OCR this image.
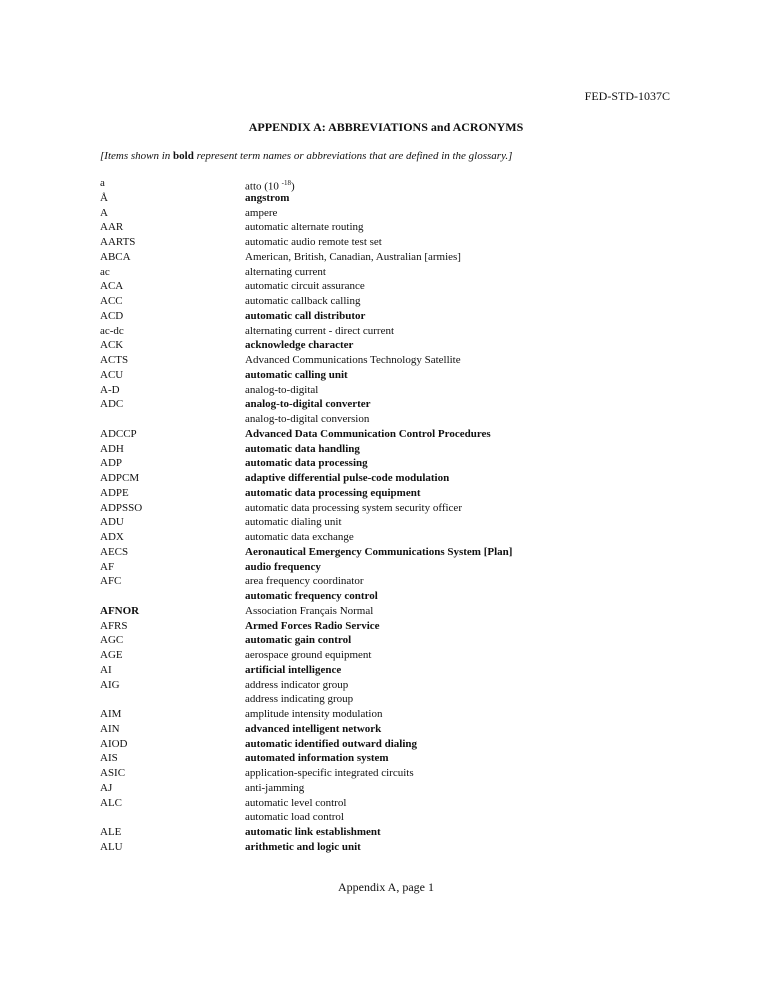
FED-STD-1037C
APPENDIX A: ABBREVIATIONS and ACRONYMS
[Items shown in bold represent term names or abbreviations that are defined in the glossary.]
a	atto (10 $^{-18}$)
Å	angstrom
A	ampere
AAR	automatic alternate routing
AARTS	automatic audio remote test set
ABCA	American, British, Canadian, Australian [armies]
ac	alternating current
ACA	automatic circuit assurance
ACC	automatic callback calling
ACD	automatic call distributor
ac-dc	alternating current - direct current
ACK	acknowledge character
ACTS	Advanced Communications Technology Satellite
ACU	automatic calling unit
A-D	analog-to-digital
ADC	analog-to-digital converter
analog-to-digital conversion
ADCCP	Advanced Data Communication Control Procedures
ADH	automatic data handling
ADP	automatic data processing
ADPCM	adaptive differential pulse-code modulation
ADPE	automatic data processing equipment
ADPSSO	automatic data processing system security officer
ADU	automatic dialing unit
ADX	automatic data exchange
AECS	Aeronautical Emergency Communications System [Plan]
AF	audio frequency
AFC	area frequency coordinator
automatic frequency control
AFNOR	Association Français Normal
AFRS	Armed Forces Radio Service
AGC	automatic gain control
AGE	aerospace ground equipment
AI	artificial intelligence
AIG	address indicator group
address indicating group
AIM	amplitude intensity modulation
AIN	advanced intelligent network
AIOD	automatic identified outward dialing
AIS	automated information system
ASIC	application-specific integrated circuits
AJ	anti-jamming
ALC	automatic level control
automatic load control
ALE	automatic link establishment
ALU	arithmetic and logic unit
Appendix A, page 1
